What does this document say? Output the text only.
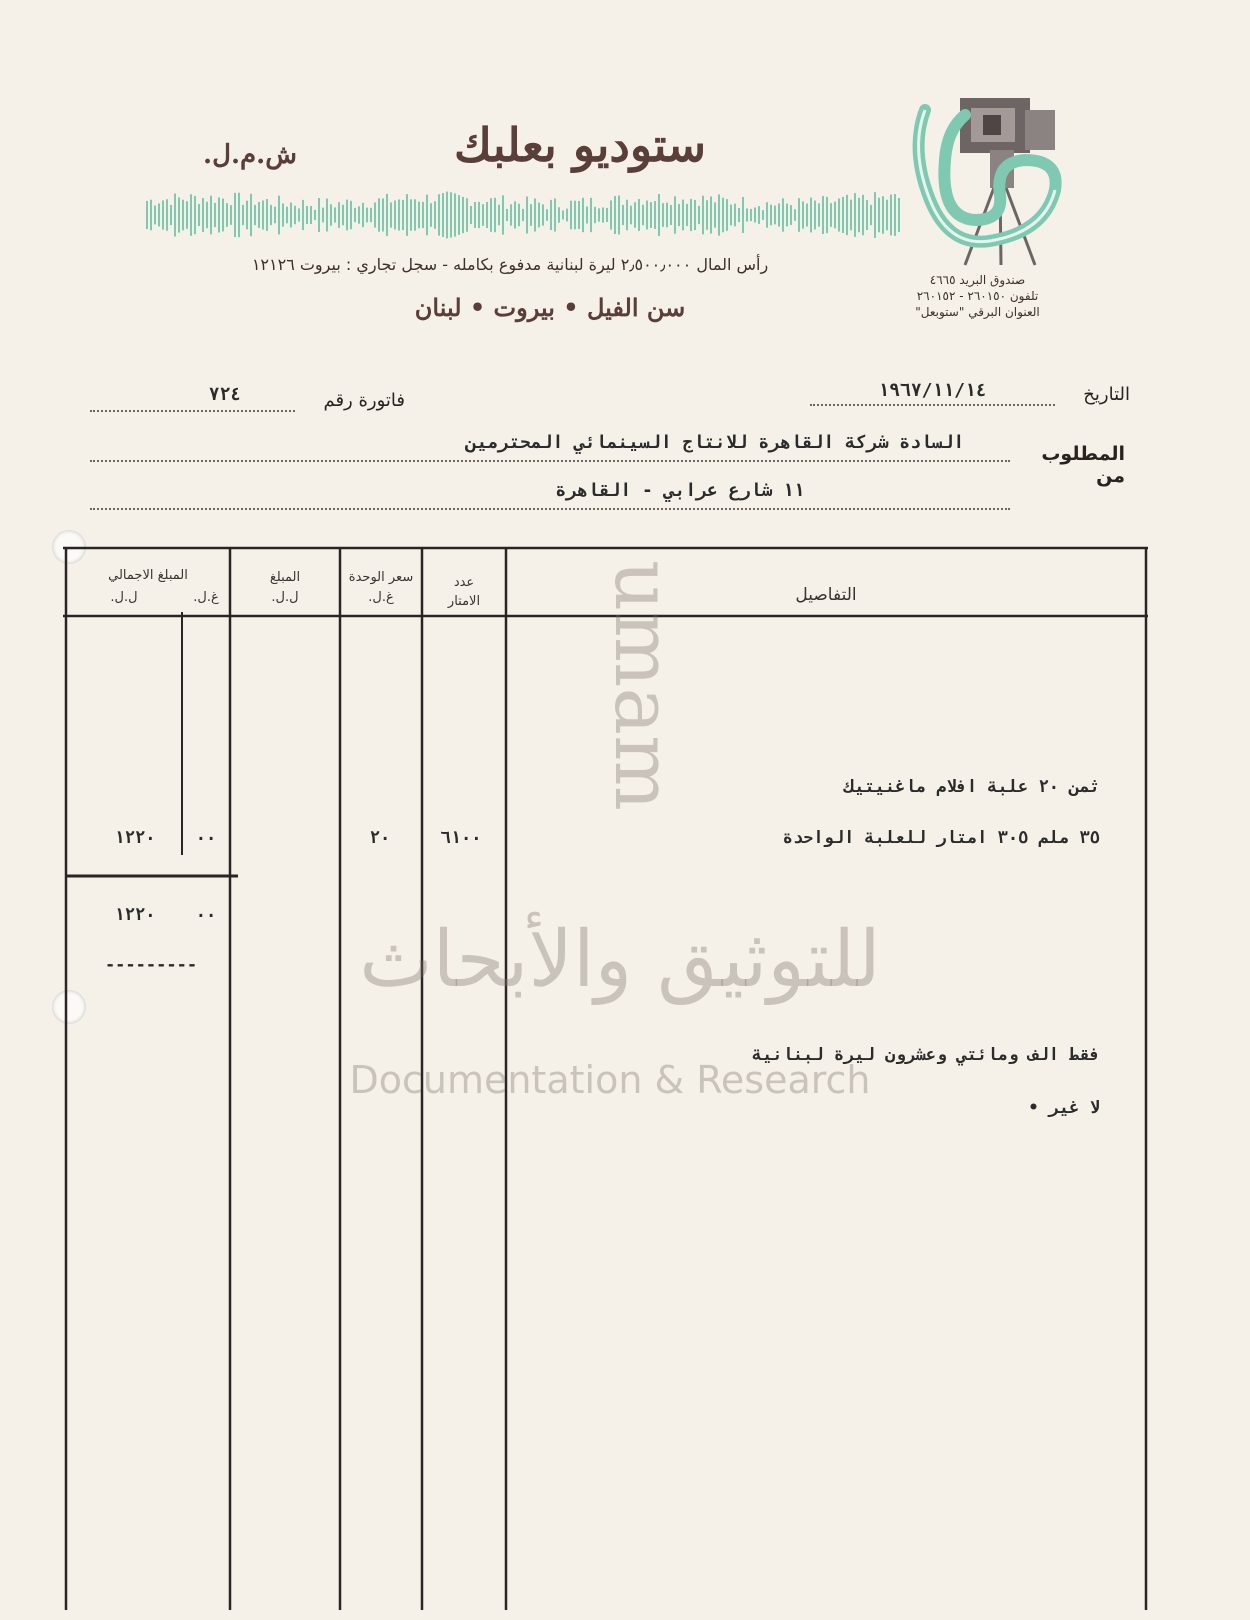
ستوديو بعلبك
ش.م.ل.
رأس المال ٢٫٥٠٠٫٠٠٠ ليرة لبنانية مدفوع بكامله - سجل تجاري : بيروت ١٢١٢٦
سن الفيل • بيروت • لبنان
صندوق البريد ٤٦٦٥
تلفون ٢٦٠١٥٠ - ٢٦٠١٥٢
العنوان البرقي "ستوبعل"
التاريخ
١٩٦٧/١١/١٤
فاتورة رقم
٧٢٤
المطلوب من
السادة شركة القاهرة للانتاج السينمائي المحترمين
١١ شارع عرابي - القاهرة
التفاصيل
عدد
الامتار
سعر الوحدة
غ.ل.
المبلغ
ل.ل.
المبلغ الاجمالي
غ.ل.
ل.ل.
ثمن ٢٠ علبة افلام ماغنيتيك
٣٥ ملم ٣٠٥ امتار للعلبة الواحدة
٦١٠٠
٢٠
٠٠
١٢٢٠
٠٠
١٢٢٠
---------
فقط الف ومائتي وعشرون ليرة لبنانية
لا غير •
umam
للتوثيق والأبحاث
Documentation & Research
